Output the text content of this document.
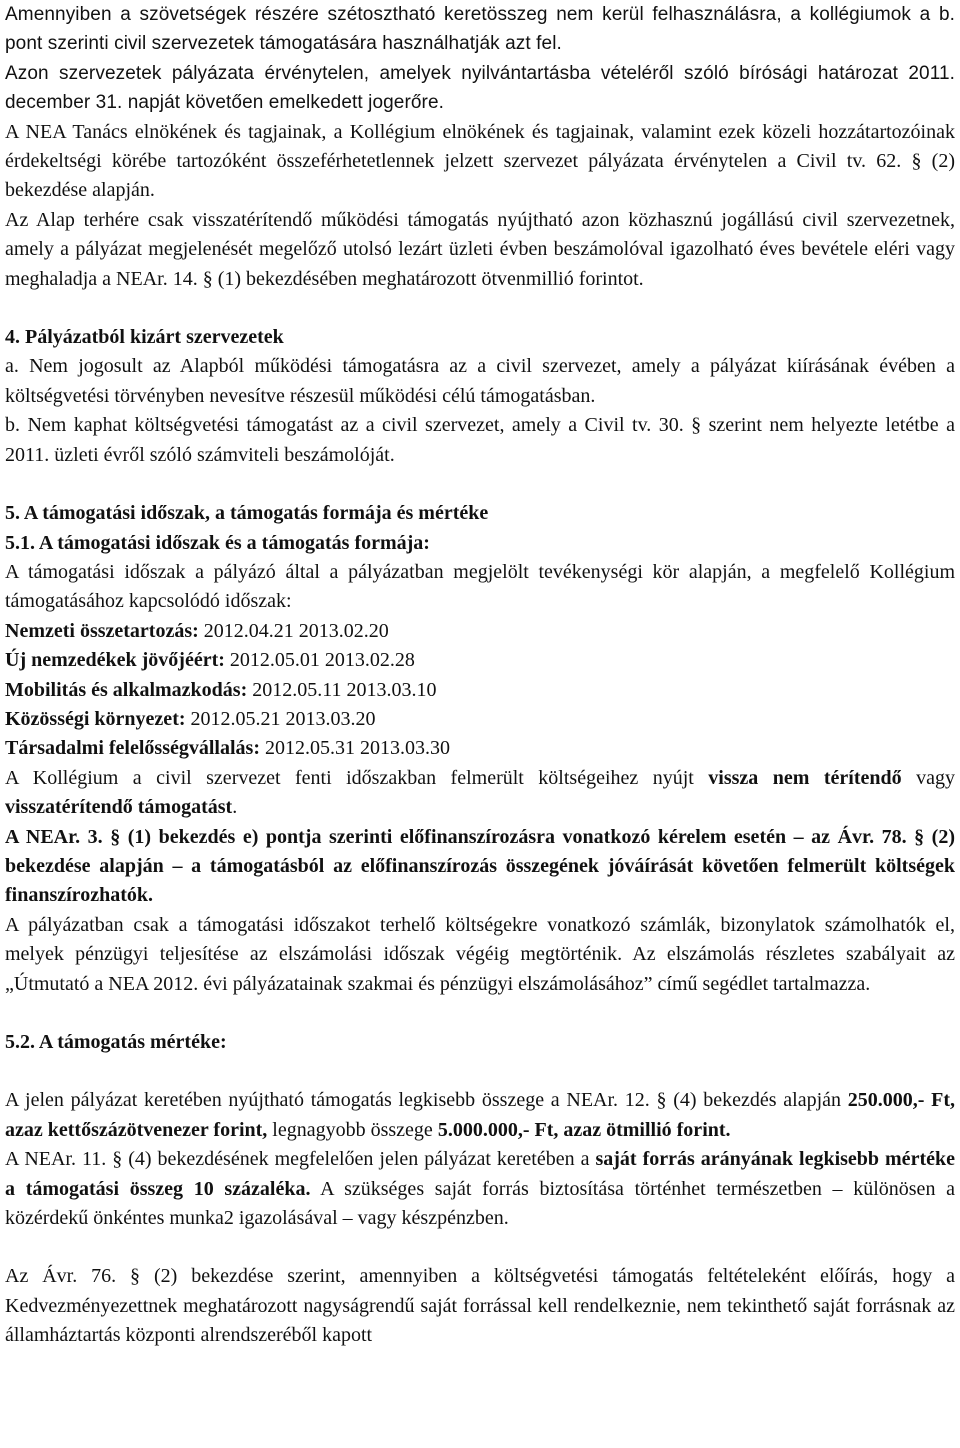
Amennyiben a szövetségek részére szétosztható keretösszeg nem kerül felhasználásra, a kollégiumok a b. pont szerinti civil szervezetek támogatására használhatják azt fel.

Azon szervezetek pályázata érvénytelen, amelyek nyilvántartásba vételéről szóló bírósági határozat 2011. december 31. napját követően emelkedett jogerőre.

A NEA Tanács elnökének és tagjainak, a Kollégium elnökének és tagjainak, valamint ezek közeli hozzátartozóinak érdekeltségi körébe tartozóként összeférhetetlennek jelzett szervezet pályázata érvénytelen a Civil tv. 62. § (2) bekezdése alapján.

Az Alap terhére csak visszatérítendő működési támogatás nyújtható azon közhasznú jogállású civil szervezetnek, amely a pályázat megjelenését megelőző utolsó lezárt üzleti évben beszámolóval igazolható éves bevétele eléri vagy meghaladja a NEAr. 14. § (1) bekezdésében meghatározott ötvenmillió forintot.

4. Pályázatból kizárt szervezetek

a. Nem jogosult az Alapból működési támogatásra az a civil szervezet, amely a pályázat kiírásának évében a költségvetési törvényben nevesítve részesül működési célú támogatásban.

b. Nem kaphat költségvetési támogatást az a civil szervezet, amely a Civil tv. 30. § szerint nem helyezte letétbe a 2011. üzleti évről szóló számviteli beszámolóját.

5. A támogatási időszak, a támogatás formája és mértéke

5.1. A támogatási időszak és a támogatás formája:

A támogatási időszak a pályázó által a pályázatban megjelölt tevékenységi kör alapján, a megfelelő Kollégium támogatásához kapcsolódó időszak:

Nemzeti összetartozás: 2012.04.21 2013.02.20

Új nemzedékek jövőjéért: 2012.05.01 2013.02.28

Mobilitás és alkalmazkodás: 2012.05.11 2013.03.10

Közösségi környezet: 2012.05.21 2013.03.20

Társadalmi felelősségvállalás: 2012.05.31 2013.03.30

A Kollégium a civil szervezet fenti időszakban felmerült költségeihez nyújt vissza nem térítendő vagy visszatérítendő támogatást.

A NEAr. 3. § (1) bekezdés e) pontja szerinti előfinanszírozásra vonatkozó kérelem esetén – az Ávr. 78. § (2) bekezdése alapján – a támogatásból az előfinanszírozás összegének jóváírását követően felmerült költségek finanszírozhatók.

A pályázatban csak a támogatási időszakot terhelő költségekre vonatkozó számlák, bizonylatok számolhatók el, melyek pénzügyi teljesítése az elszámolási időszak végéig megtörténik. Az elszámolás részletes szabályait az „Útmutató a NEA 2012. évi pályázatainak szakmai és pénzügyi elszámolásához” című segédlet tartalmazza.

5.2. A támogatás mértéke:

A jelen pályázat keretében nyújtható támogatás legkisebb összege a NEAr. 12. § (4) bekezdés alapján 250.000,- Ft, azaz kettőszázötvenezer forint, legnagyobb összege 5.000.000,- Ft, azaz ötmillió forint.

A NEAr. 11. § (4) bekezdésének megfelelően jelen pályázat keretében a saját forrás arányának legkisebb mértéke a támogatási összeg 10 százaléka. A szükséges saját forrás biztosítása történhet természetben – különösen a közérdekű önkéntes munka2 igazolásával – vagy készpénzben.

Az Ávr. 76. § (2) bekezdése szerint, amennyiben a költségvetési támogatás feltételeként előírás, hogy a Kedvezményezettnek meghatározott nagyságrendű saját forrással kell rendelkeznie, nem tekinthető saját forrásnak az államháztartás központi alrendszeréből kapott
